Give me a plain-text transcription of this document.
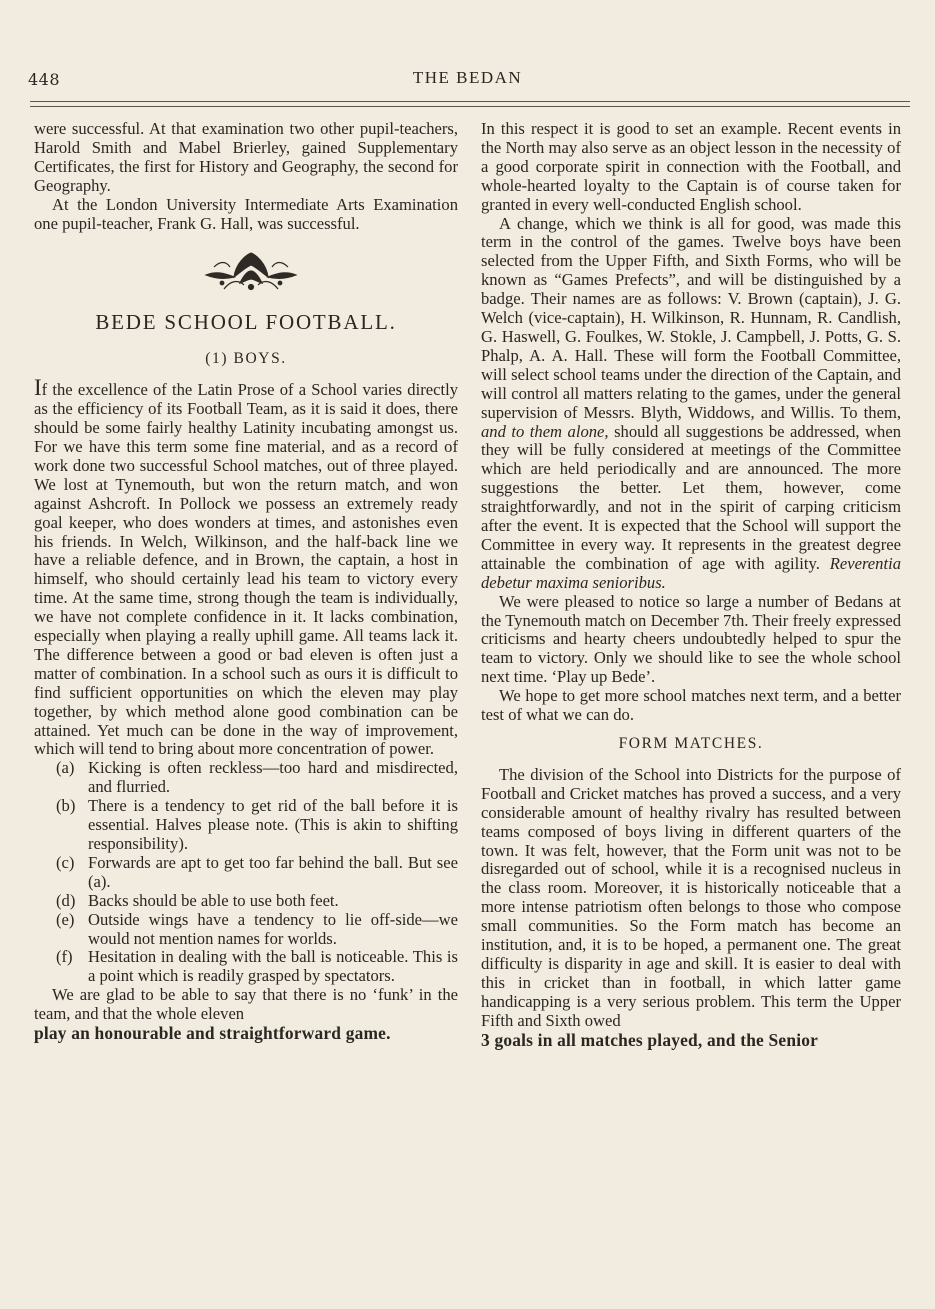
448	THE BEDAN

were successful. At that examination two other pupil-teachers, Harold Smith and Mabel Brierley, gained Supplementary Certificates, the first for History and Geography, the second for Geography.

At the London University Intermediate Arts Examination one pupil-teacher, Frank G. Hall, was successful.

BEDE SCHOOL FOOTBALL.
(1) BOYS.

If the excellence of the Latin Prose of a School varies directly as the efficiency of its Football Team, as it is said it does, there should be some fairly healthy Latinity incubating amongst us. For we have this term some fine material, and as a record of work done two successful School matches, out of three played. We lost at Tynemouth, but won the return match, and won against Ashcroft. In Pollock we possess an extremely ready goal keeper, who does wonders at times, and astonishes even his friends. In Welch, Wilkinson, and the half-back line we have a reliable defence, and in Brown, the captain, a host in himself, who should certainly lead his team to victory every time. At the same time, strong though the team is individually, we have not complete confidence in it. It lacks combination, especially when playing a really uphill game. All teams lack it. The difference between a good or bad eleven is often just a matter of combination. In a school such as ours it is difficult to find sufficient opportunities on which the eleven may play together, by which method alone good combination can be attained. Yet much can be done in the way of improvement, which will tend to bring about more concentration of power.

(a) Kicking is often reckless—too hard and misdirected, and flurried.
(b) There is a tendency to get rid of the ball before it is essential. Halves please note. (This is akin to shifting responsibility).
(c) Forwards are apt to get too far behind the ball. But see (a).
(d) Backs should be able to use both feet.
(e) Outside wings have a tendency to lie off-side—we would not mention names for worlds.
(f) Hesitation in dealing with the ball is noticeable. This is a point which is readily grasped by spectators.

We are glad to be able to say that there is no ‘funk’ in the team, and that the whole eleven

play an honourable and straightforward game.

In this respect it is good to set an example. Recent events in the North may also serve as an object lesson in the necessity of a good corporate spirit in connection with the Football, and whole-hearted loyalty to the Captain is of course taken for granted in every well-conducted English school.

A change, which we think is all for good, was made this term in the control of the games. Twelve boys have been selected from the Upper Fifth, and Sixth Forms, who will be known as “Games Prefects”, and will be distinguished by a badge. Their names are as follows: V. Brown (captain), J. G. Welch (vice-captain), H. Wilkinson, R. Hunnam, R. Candlish, G. Haswell, G. Foulkes, W. Stokle, J. Campbell, J. Potts, G. S. Phalp, A. A. Hall. These will form the Football Committee, will select school teams under the direction of the Captain, and will control all matters relating to the games, under the general supervision of Messrs. Blyth, Widdows, and Willis. To them, and to them alone, should all suggestions be addressed, when they will be fully considered at meetings of the Committee which are held periodically and are announced. The more suggestions the better. Let them, however, come straightforwardly, and not in the spirit of carping criticism after the event. It is expected that the School will support the Committee in every way. It represents in the greatest degree attainable the combination of age with agility. Reverentia debetur maxima senioribus.

We were pleased to notice so large a number of Bedans at the Tynemouth match on December 7th. Their freely expressed criticisms and hearty cheers undoubtedly helped to spur the team to victory. Only we should like to see the whole school next time. ‘Play up Bede’.

We hope to get more school matches next term, and a better test of what we can do.

FORM MATCHES.

The division of the School into Districts for the purpose of Football and Cricket matches has proved a success, and a very considerable amount of healthy rivalry has resulted between teams composed of boys living in different quarters of the town. It was felt, however, that the Form unit was not to be disregarded out of school, while it is a recognised nucleus in the class room. Moreover, it is historically noticeable that a more intense patriotism often belongs to those who compose small communities. So the Form match has become an institution, and, it is to be hoped, a permanent one. The great difficulty is disparity in age and skill. It is easier to deal with this in cricket than in football, in which latter game handicapping is a very serious problem. This term the Upper Fifth and Sixth owed

3 goals in all matches played, and the Senior
